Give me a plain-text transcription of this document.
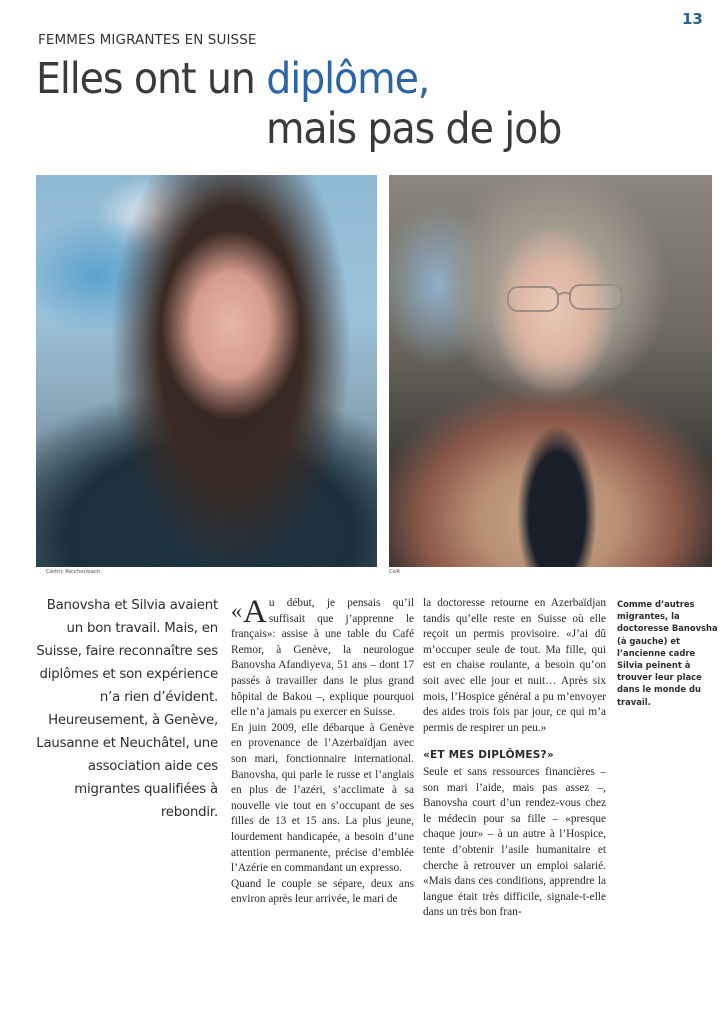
13
FEMMES MIGRANTES EN SUISSE
Elles ont un diplôme,
mais pas de job
Cédric Reichenbach	CeR
Banovsha et Silvia avaient un bon travail. Mais, en Suisse, faire reconnaître ses diplômes et son expérience n’a rien d’évident. Heureusement, à Genève, Lausanne et Neuchâtel, une association aide ces migrantes qualifiées à rebondir.

«A u début, je pensais qu’il suffisait que j’apprenne le français»: assise à une table du Café Remor, à Genève, la neurologue Banovsha Afandiyeva, 51 ans – dont 17 passés à travailler dans le plus grand hôpital de Bakou –, explique pourquoi elle n’a jamais pu exercer en Suisse.

En juin 2009, elle débarque à Genève en provenance de l’Azerbaïdjan avec son mari, fonctionnaire international. Banovsha, qui parle le russe et l’anglais en plus de l’azéri, s’acclimate à sa nouvelle vie tout en s’occupant de ses filles de 13 et 15 ans. La plus jeune, lourdement handicapée, a besoin d’une attention permanente, précise d’emblée l’Azérie en commandant un expresso.

Quand le couple se sépare, deux ans environ après leur arrivée, le mari de

la doctoresse retourne en Azerbaïdjan tandis qu’elle reste en Suisse où elle reçoit un permis provisoire. «J’ai dû m’occuper seule de tout. Ma fille, qui est en chaise roulante, a besoin qu’on soit avec elle jour et nuit… Après six mois, l’Hospice général a pu m’envoyer des aides trois fois par jour, ce qui m’a permis de respirer un peu.»

«ET MES DIPLÔMES?»

Seule et sans ressources financières – son mari l’aide, mais pas assez –, Banovsha court d’un rendez-vous chez le médecin pour sa fille – «presque chaque jour» – à un autre à l’Hospice, tente d’obtenir l’asile humanitaire et cherche à retrouver un emploi salarié. «Mais dans ces conditions, apprendre la langue était très difficile, signale-t-elle dans un très bon fran-

Comme d’autres migrantes, la doctoresse Banovsha (à gauche) et l’ancienne cadre Silvia peinent à trouver leur place dans le monde du travail.
